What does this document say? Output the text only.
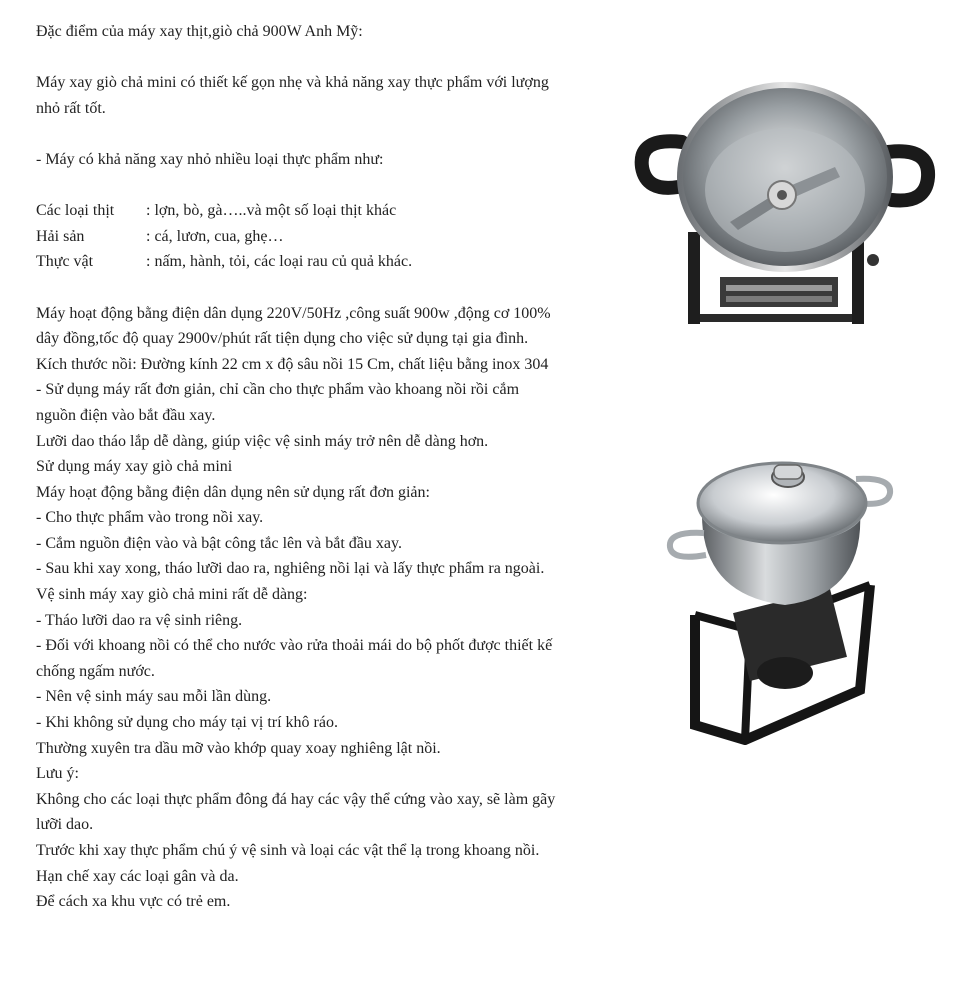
Đặc điểm của máy xay thịt,giò chả 900W Anh Mỹ:

Máy xay giò chả mini có thiết kế gọn nhẹ và khả năng xay thực phẩm với lượng nhỏ rất tốt.

- Máy có khả năng xay nhỏ nhiều loại thực phẩm như:

Các loại thịt	: lợn, bò, gà…..và một số loại thịt khác
Hải sản	: cá, lươn, cua, ghẹ…
Thực vật	: nấm, hành, tỏi, các loại rau củ quả khác.

Máy hoạt động bằng điện dân dụng 220V/50Hz ,công suất 900w ,động cơ 100% dây đồng,tốc độ quay 2900v/phút rất tiện dụng cho việc sử dụng tại gia đình.

Kích thước nồi: Đường kính 22 cm x độ sâu nồi 15 Cm, chất liệu bằng inox 304

- Sử dụng máy rất đơn giản, chỉ cần cho thực phẩm vào khoang nồi rồi cắm nguồn điện vào bắt đầu xay.

Lưỡi dao tháo lắp dễ dàng, giúp việc vệ sinh máy trở nên dễ dàng hơn.

Sử dụng máy xay giò chả mini

Máy hoạt động bằng điện dân dụng nên sử dụng rất đơn giản:

- Cho thực phẩm vào trong nồi xay.

- Cắm nguồn điện vào và bật công tắc lên và bắt đầu xay.

- Sau khi xay xong, tháo lưỡi dao ra, nghiêng nồi lại và lấy thực phẩm ra ngoài.

Vệ sinh máy xay giò chả mini rất dễ dàng:

- Tháo lưỡi dao ra vệ sinh riêng.

- Đối với khoang nồi có thể cho nước vào rửa thoải mái do bộ phốt được thiết kế chống ngấm nước.

- Nên vệ sinh máy sau mỗi lần dùng.

- Khi không sử dụng cho máy tại vị trí khô ráo.

Thường xuyên tra dầu mỡ vào khớp quay xoay nghiêng lật nồi.

Lưu ý:

Không cho các loại thực phẩm đông đá hay các vậy thể cứng vào xay, sẽ làm gãy lưỡi dao.

Trước khi xay thực phẩm chú ý vệ sinh và loại các vật thể lạ trong khoang nồi.

Hạn chế xay các loại gân và da.

Để cách xa khu vực có trẻ em.
